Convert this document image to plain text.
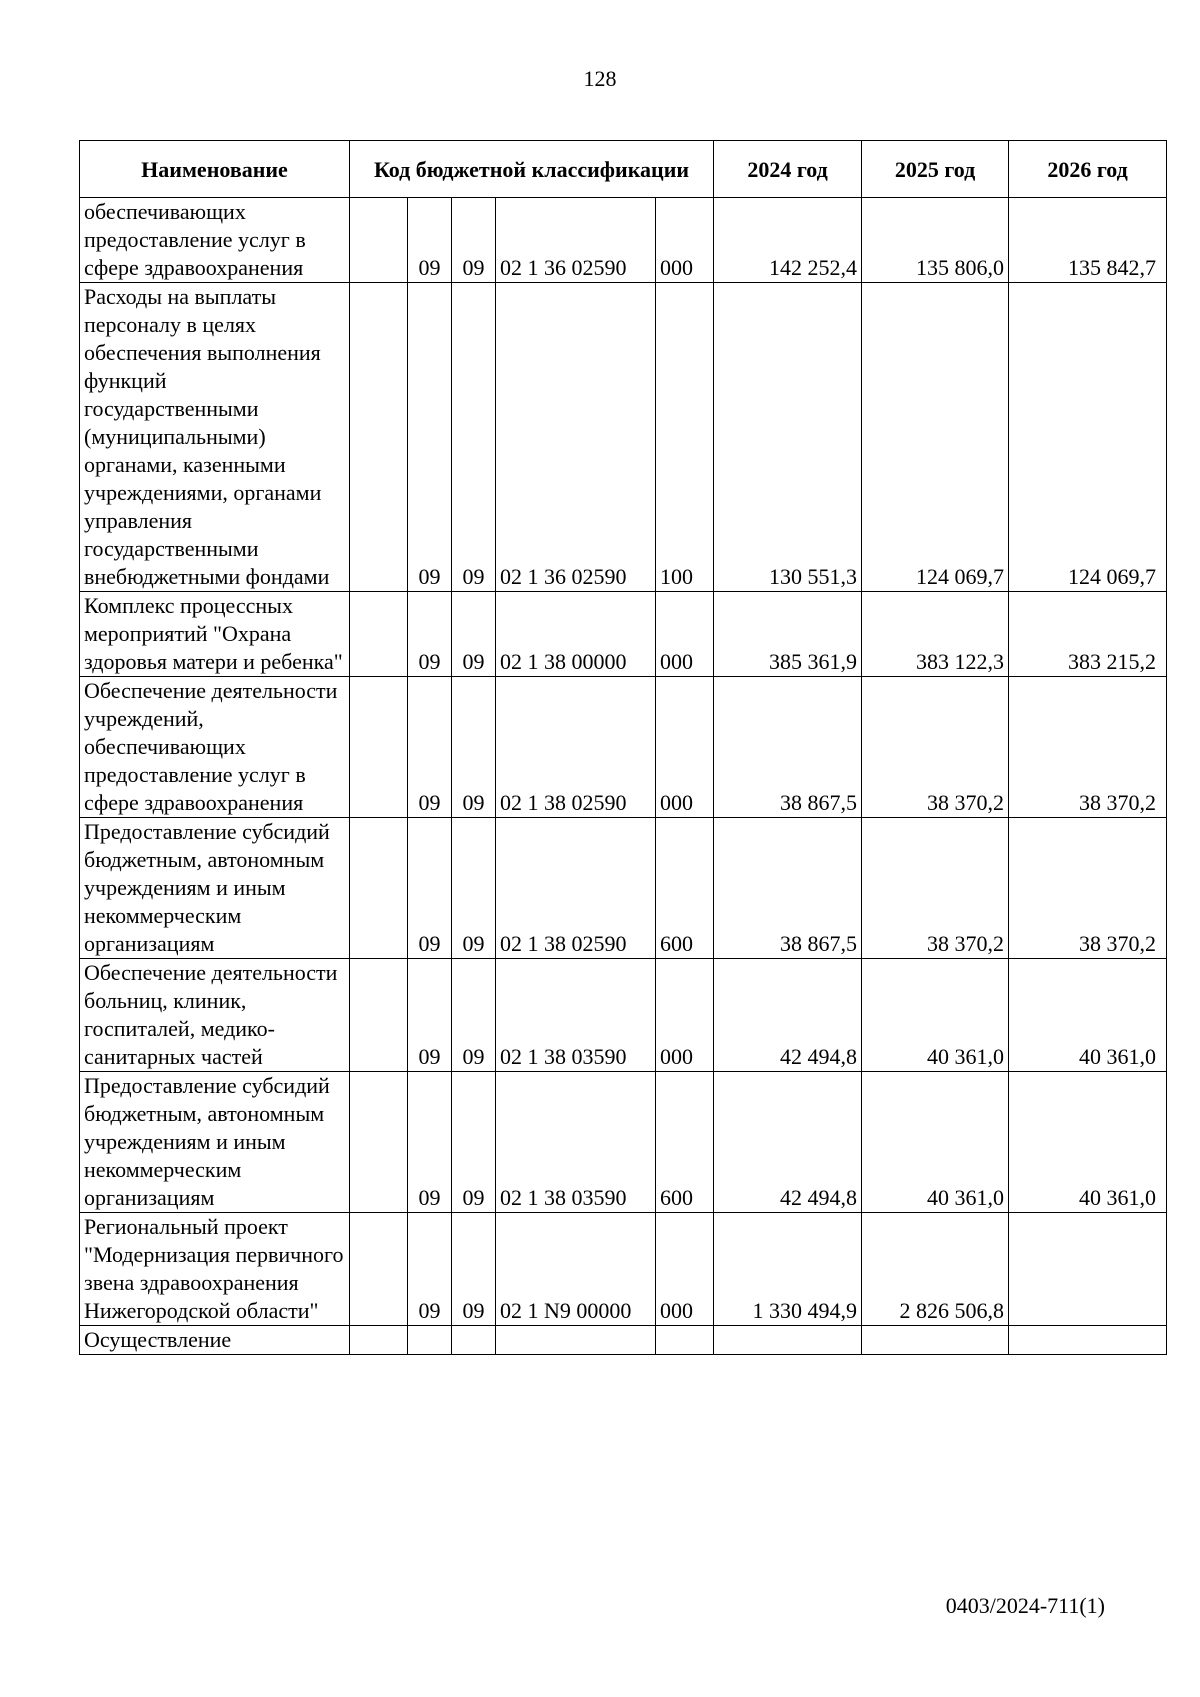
128
Наименование	Код бюджетной классификации					2024 год	2025 год	2026 год
обеспечивающих предоставление услуг в сфере здравоохранения		09	09	02 1 36 02590	000	142 252,4	135 806,0	135 842,7
Расходы на выплаты персоналу в целях обеспечения выполнения функций государственными (муниципальными) органами, казенными учреждениями, органами управления государственными внебюджетными фондами		09	09	02 1 36 02590	100	130 551,3	124 069,7	124 069,7
Комплекс процессных мероприятий "Охрана здоровья матери и ребенка"		09	09	02 1 38 00000	000	385 361,9	383 122,3	383 215,2
Обеспечение деятельности учреждений, обеспечивающих предоставление услуг в сфере здравоохранения		09	09	02 1 38 02590	000	38 867,5	38 370,2	38 370,2
Предоставление субсидий бюджетным, автономным учреждениям и иным некоммерческим организациям		09	09	02 1 38 02590	600	38 867,5	38 370,2	38 370,2
Обеспечение деятельности больниц, клиник, госпиталей, медико-санитарных частей		09	09	02 1 38 03590	000	42 494,8	40 361,0	40 361,0
Предоставление субсидий бюджетным, автономным учреждениям и иным некоммерческим организациям		09	09	02 1 38 03590	600	42 494,8	40 361,0	40 361,0
Региональный проект "Модернизация первичного звена здравоохранения Нижегородской области"		09	09	02 1 N9 00000	000	1 330 494,9	2 826 506,8	
Осуществление								
0403/2024-711(1)
